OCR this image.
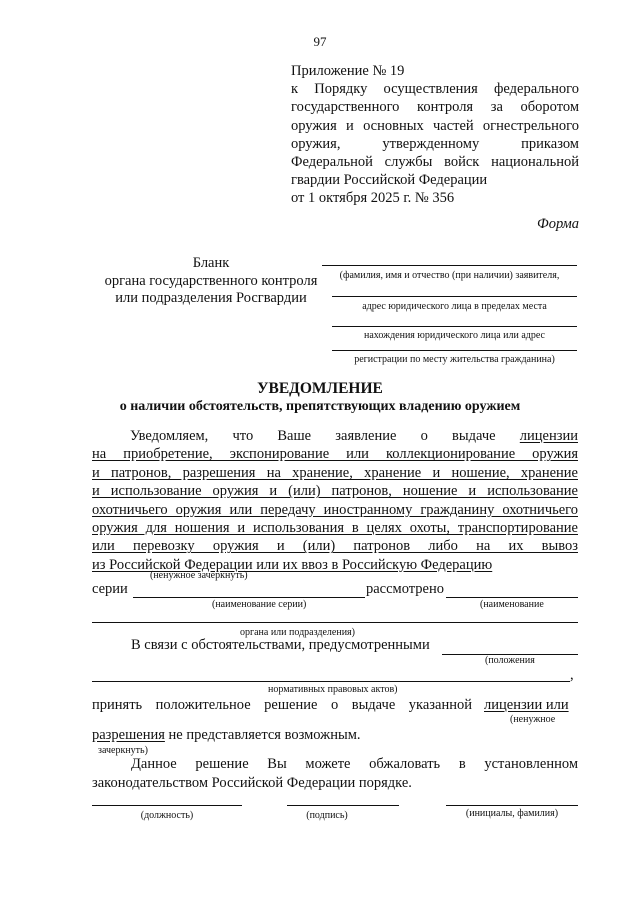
97
Приложение № 19
к Порядку осуществления федерального
государственного контроля за оборотом
оружия и основных частей огнестрельного
оружия, утвержденному приказом
Федеральной службы войск национальной
гвардии Российской Федерации
от 1 октября 2025 г. № 356
Форма
Бланк
органа государственного контроля
или подразделения Росгвардии
(фамилия, имя и отчество (при наличии) заявителя,
адрес юридического лица в пределах места
нахождения юридического лица или адрес
регистрации по месту жительства гражданина)
УВЕДОМЛЕНИЕ
о наличии обстоятельств, препятствующих владению оружием
Уведомляем, что Ваше заявление о выдаче лицензии
на приобретение, экспонирование или коллекционирование оружия
и патронов, разрешения на хранение, хранение и ношение, хранение
и использование оружия и (или) патронов, ношение и использование
охотничьего оружия или передачу иностранному гражданину охотничьего
оружия для ношения и использования в целях охоты, транспортирование
или перевозку оружия и (или) патронов либо на их вывоз
из Российской Федерации или их ввоз в Российскую Федерацию
(ненужное зачеркнуть)
серии	рассмотрено
(наименование серии)	(наименование
органа или подразделения)
В связи с обстоятельствами, предусмотренными
(положения
,
нормативных правовых актов)
принять положительное решение о выдаче указанной лицензии или
(ненужное
разрешения не представляется возможным.
зачеркнуть)
Данное решение Вы можете обжаловать в установленном
законодательством Российской Федерации порядке.
(должность)	(подпись)	(инициалы, фамилия)
